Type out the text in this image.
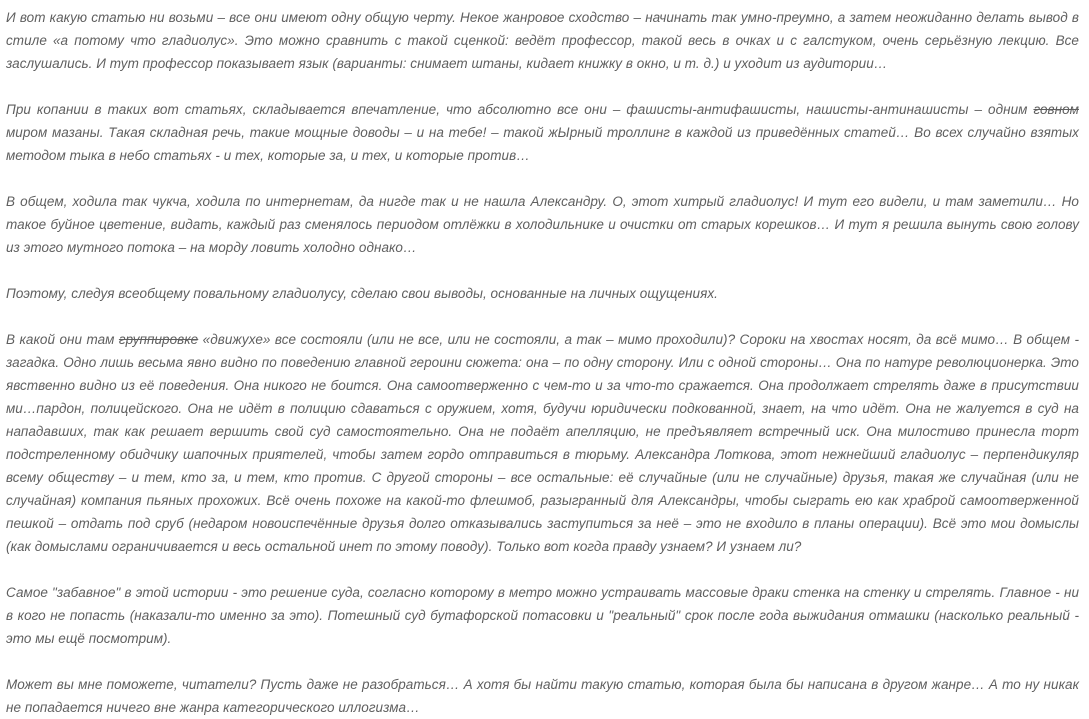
И вот какую статью ни возьми – все они имеют одну общую черту. Некое жанровое сходство – начинать так умно-преумно, а затем неожиданно делать вывод в стиле «а потому что гладиолус». Это можно сравнить с такой сценкой: ведёт профессор, такой весь в очках и с галстуком, очень серьёзную лекцию. Все заслушались. И тут профессор показывает язык (варианты: снимает штаны, кидает книжку в окно, и т. д.) и уходит из аудитории…

При копании в таких вот статьях, складывается впечатление, что абсолютно все они – фашисты-антифашисты, нашисты-антинашисты – одним говном миром мазаны. Такая складная речь, такие мощные доводы – и на тебе! – такой жЫрный троллинг в каждой из приведённых статей… Во всех случайно взятых методом тыка в небо статьях - и тех, которые за, и тех, и которые против…

В общем, ходила так чукча, ходила по интернетам, да нигде так и не нашла Александру. О, этот хитрый гладиолус! И тут его видели, и там заметили… Но такое буйное цветение, видать, каждый раз сменялось периодом отлёжки в холодильнике и очистки от старых корешков… И тут я решила вынуть свою голову из этого мутного потока – на морду ловить холодно однако…

Поэтому, следуя всеобщему повальному гладиолусу, сделаю свои выводы, основанные на личных ощущениях.

В какой они там группировке «движухе» все состояли (или не все, или не состояли, а так – мимо проходили)? Сороки на хвостах носят, да всё мимо… В общем - загадка. Одно лишь весьма явно видно по поведению главной героини сюжета: она – по одну сторону. Или с одной стороны… Она по натуре революционерка. Это явственно видно из её поведения. Она никого не боится. Она самоотверженно с чем-то и за что-то сражается. Она продолжает стрелять даже в присутствии ми…пардон, полицейского. Она не идёт в полицию сдаваться с оружием, хотя, будучи юридически подкованной, знает, на что идёт. Она не жалуется в суд на нападавших, так как решает вершить свой суд самостоятельно. Она не подаёт апелляцию, не предъявляет встречный иск. Она милостиво принесла торт подстреленному обидчику шапочных приятелей, чтобы затем гордо отправиться в тюрьму. Александра Лоткова, этот нежнейший гладиолус – перпендикуляр всему обществу – и тем, кто за, и тем, кто против. С другой стороны – все остальные: её случайные (или не случайные) друзья, такая же случайная (или не случайная) компания пьяных прохожих. Всё очень похоже на какой-то флешмоб, разыгранный для Александры, чтобы сыграть ею как храброй самоотверженной пешкой – отдать под сруб (недаром новоиспечённые друзья долго отказывались заступиться за неё – это не входило в планы операции). Всё это мои домыслы (как домыслами ограничивается и весь остальной инет по этому поводу). Только вот когда правду узнаем? И узнаем ли?

Самое "забавное" в этой истории - это решение суда, согласно которому в метро можно устраивать массовые драки стенка на стенку и стрелять. Главное - ни в кого не попасть (наказали-то именно за это). Потешный суд бутафорской потасовки и "реальный" срок после года выжидания отмашки (насколько реальный - это мы ещё посмотрим).

Может вы мне поможете, читатели? Пусть даже не разобраться… А хотя бы найти такую статью, которая была бы написана в другом жанре… А то ну никак не попадается ничего вне жанра категорического иллогизма…
